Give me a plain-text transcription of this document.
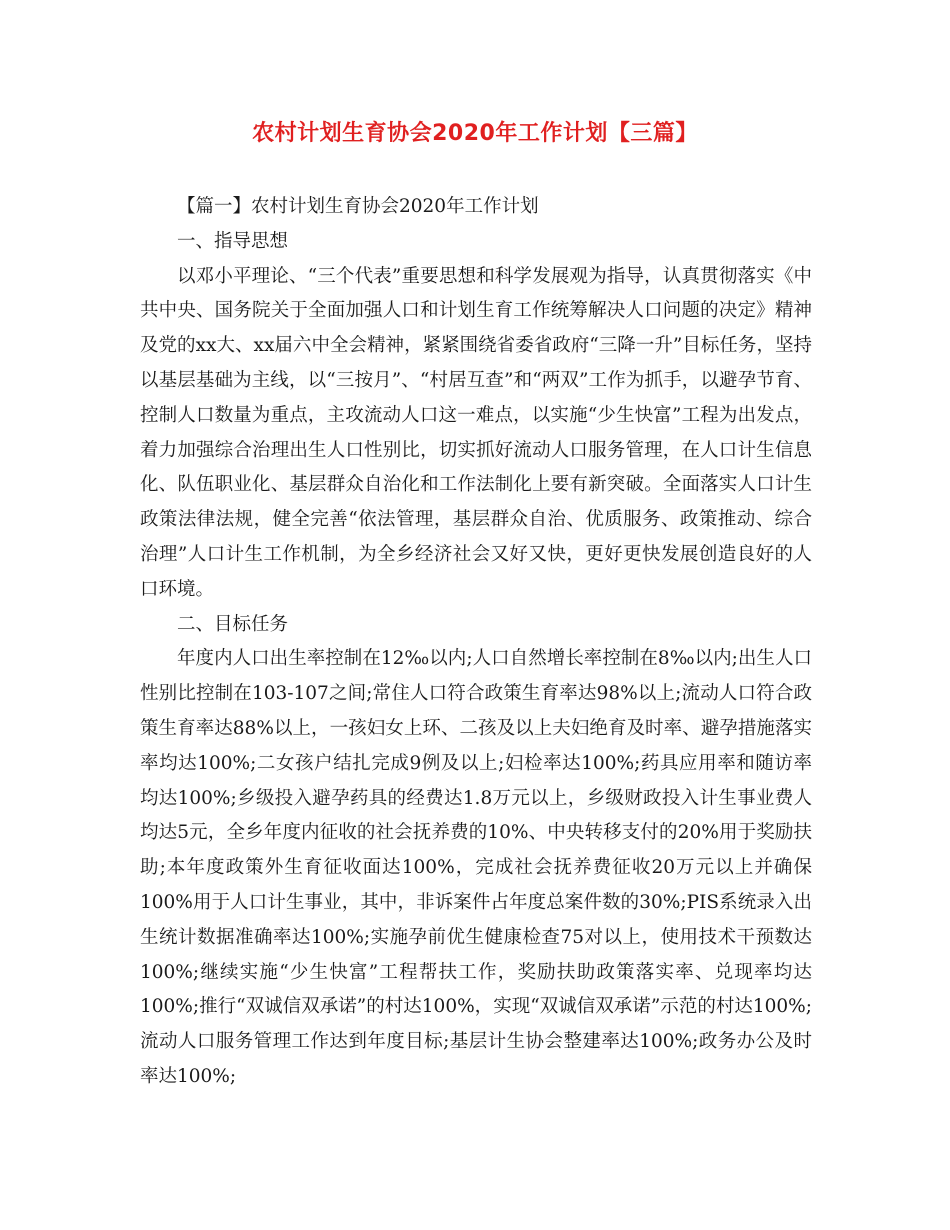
农村计划生育协会2020年工作计划【三篇】

【篇一】农村计划生育协会2020年工作计划

一、指导思想

以邓小平理论、“三个代表”重要思想和科学发展观为指导，认真贯彻落实《中共中央、国务院关于全面加强人口和计划生育工作统筹解决人口问题的决定》精神及党的xx大、xx届六中全会精神，紧紧围绕省委省政府“三降一升”目标任务，坚持以基层基础为主线，以“三按月”、“村居互查”和“两双”工作为抓手，以避孕节育、控制人口数量为重点，主攻流动人口这一难点，以实施“少生快富”工程为出发点，着力加强综合治理出生人口性别比，切实抓好流动人口服务管理，在人口计生信息化、队伍职业化、基层群众自治化和工作法制化上要有新突破。全面落实人口计生政策法律法规，健全完善“依法管理，基层群众自治、优质服务、政策推动、综合治理”人口计生工作机制，为全乡经济社会又好又快，更好更快发展创造良好的人口环境。

二、目标任务

年度内人口出生率控制在12‰以内;人口自然增长率控制在8‰以内;出生人口性别比控制在103-107之间;常住人口符合政策生育率达98%以上;流动人口符合政策生育率达88%以上，一孩妇女上环、二孩及以上夫妇绝育及时率、避孕措施落实率均达100%;二女孩户结扎完成9例及以上;妇检率达100%;药具应用率和随访率均达100%;乡级投入避孕药具的经费达1.8万元以上，乡级财政投入计生事业费人均达5元，全乡年度内征收的社会抚养费的10%、中央转移支付的20%用于奖励扶助;本年度政策外生育征收面达100%，完成社会抚养费征收20万元以上并确保100%用于人口计生事业，其中，非诉案件占年度总案件数的30%;PIS系统录入出生统计数据准确率达100%;实施孕前优生健康检查75对以上，使用技术干预数达100%;继续实施“少生快富”工程帮扶工作，奖励扶助政策落实率、兑现率均达100%;推行“双诚信双承诺”的村达100%，实现“双诚信双承诺”示范的村达100%;流动人口服务管理工作达到年度目标;基层计生协会整建率达100%;政务办公及时率达100%;
